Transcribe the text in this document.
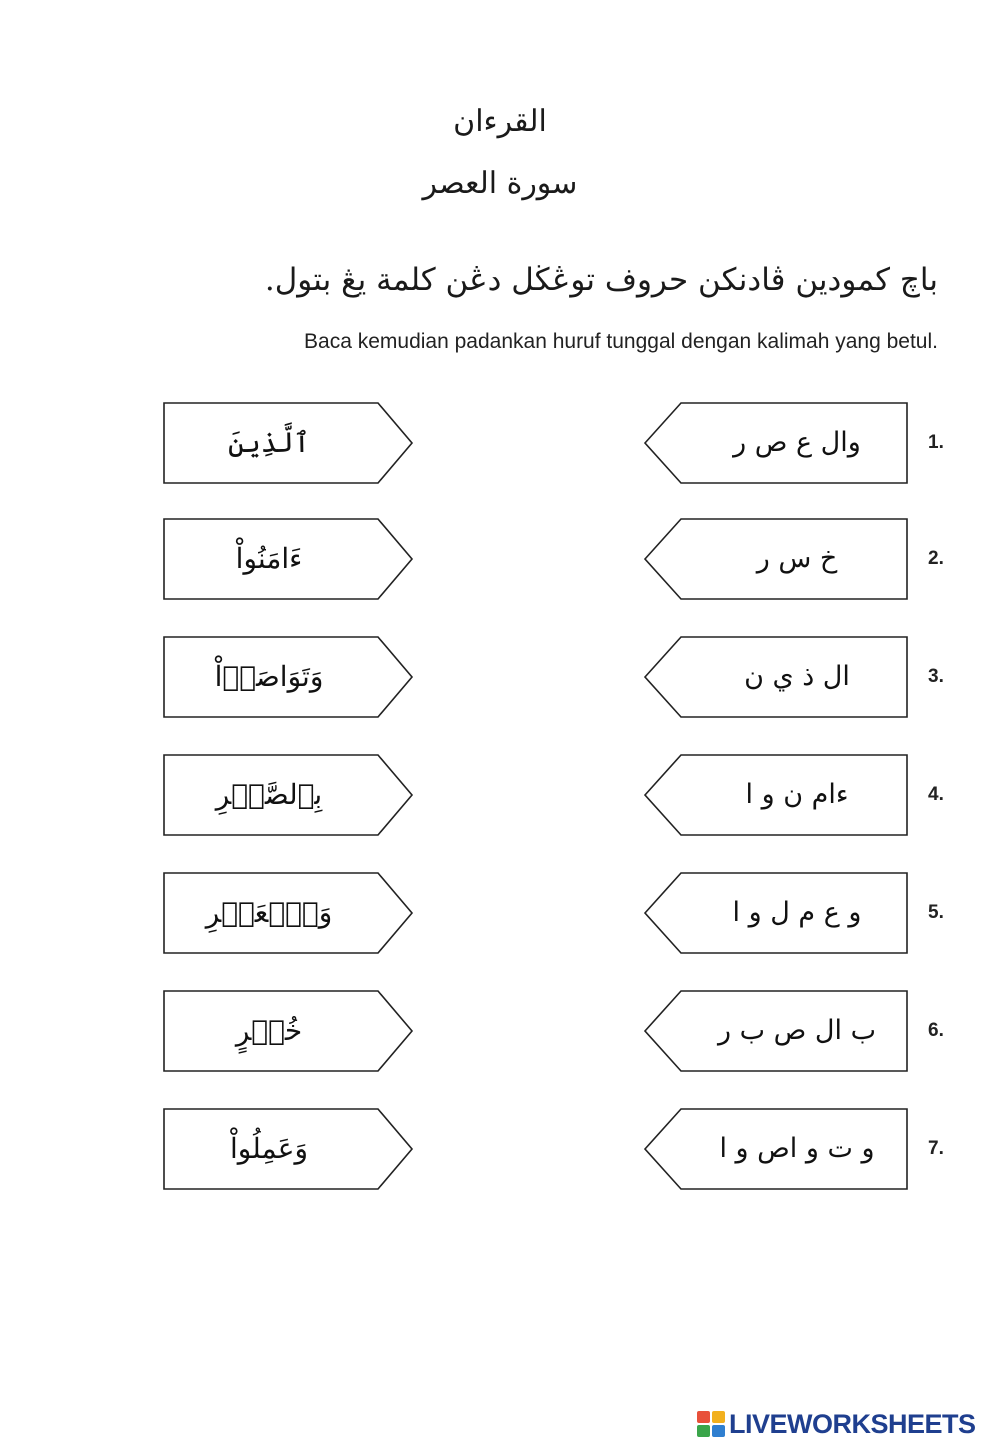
القرءان
سورة العصر
باچ كمودين ڤادنكن حروف توڠڬل دڠن كلمة يڠ بتول.
Baca kemudian padankan huruf tunggal dengan kalimah yang betul.
ٱلَّذِينَ	وال ع ص ر	1.
ءَامَنُواْ	خ س ر	2.
وَتَوَاصَوۡاْ	ال ذ ي ن	3.
بِٱلصَّبۡرِ	ءام ن و ا	4.
وَٱلۡعَصۡرِ	و ع م ل و ا	5.
خُسۡرٍ	ب ال ص ب ر	6.
وَعَمِلُواْ	و ت و اص و ا	7.
LIVEWORKSHEETS
